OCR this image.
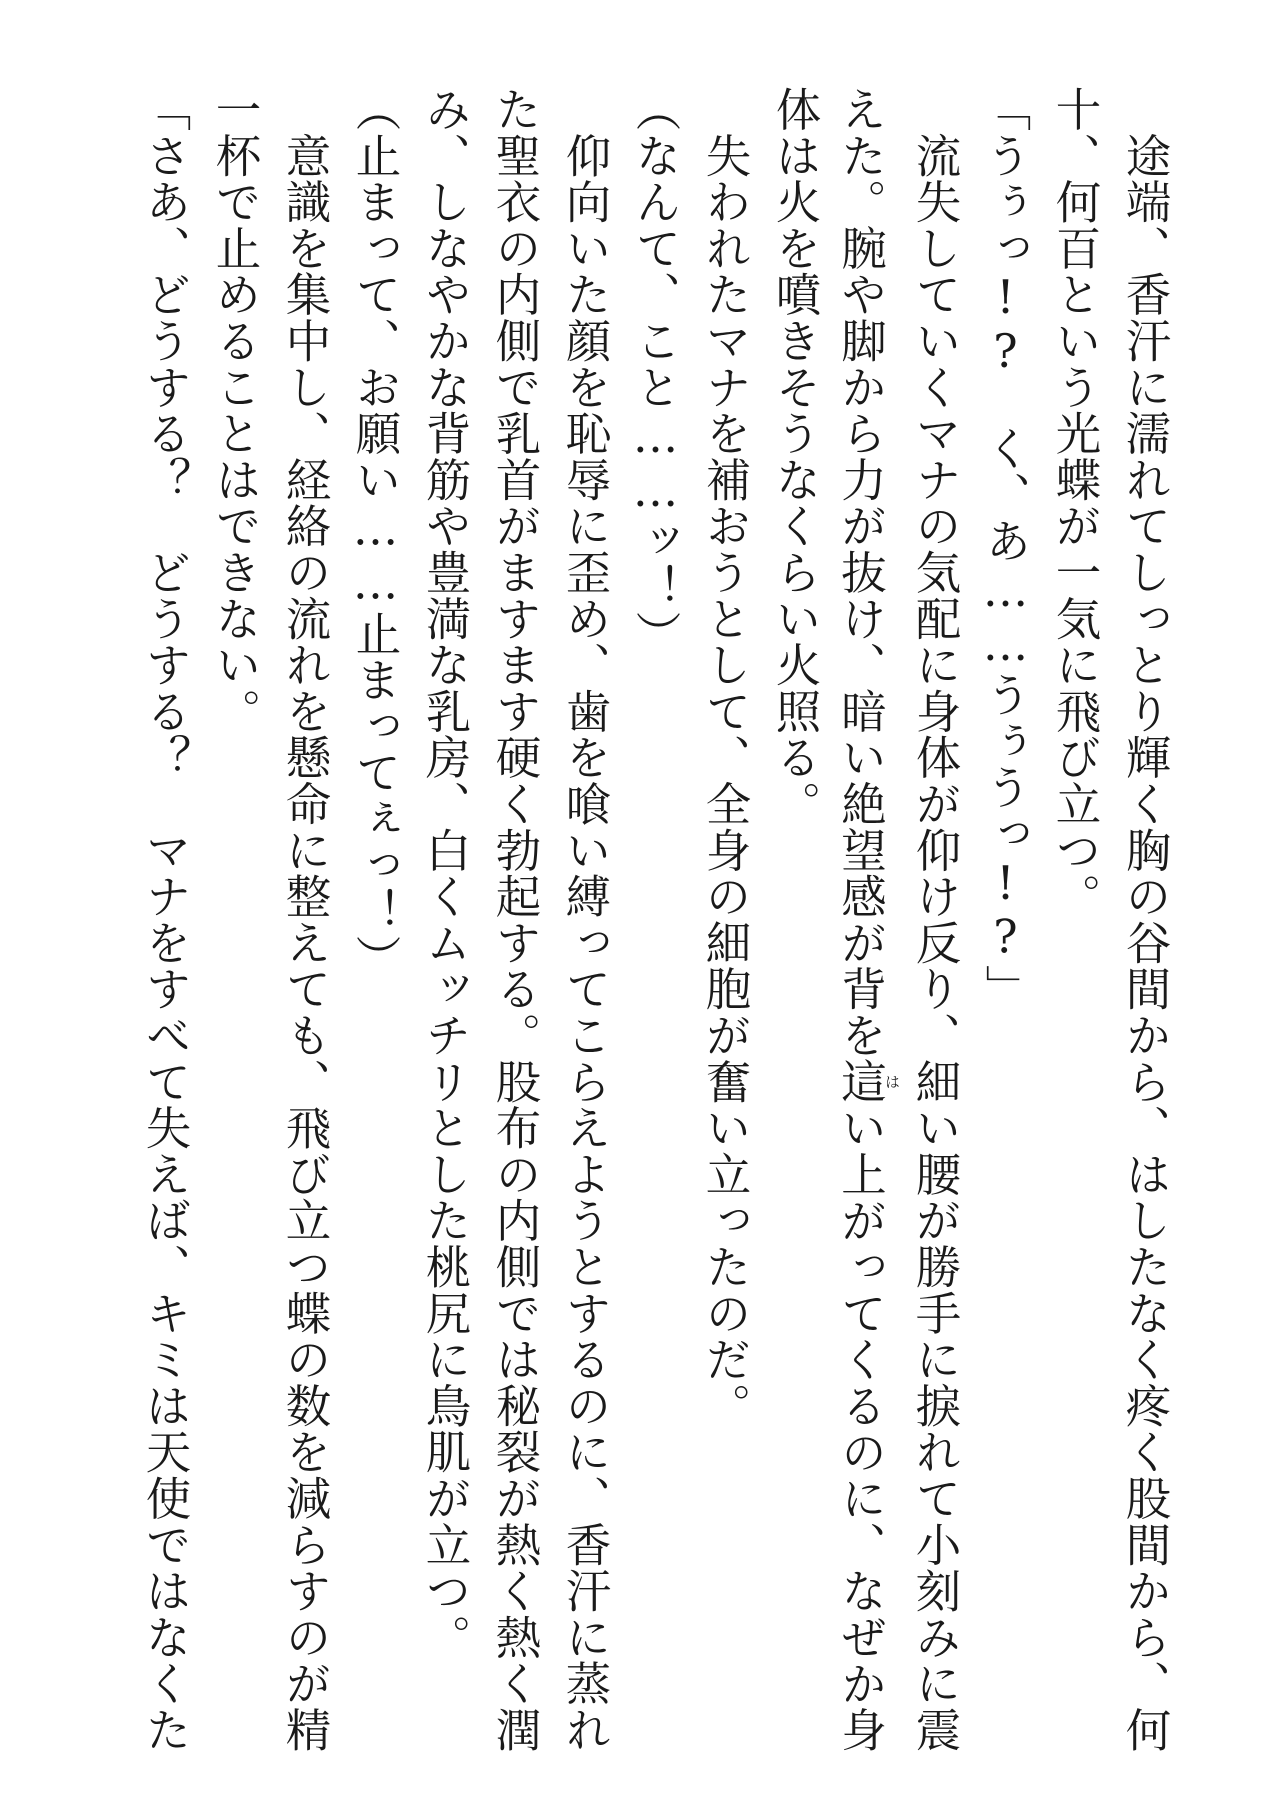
　途端、香汗に濡れてしっとり輝く胸の谷間から、はしたなく疼く股間から、何
十、何百という光蝶が一気に飛び立つ。
「うぅっ!?　く、あ……うぅうっ!?」
　流失していくマナの気配に身体が仰け反り、細い腰が勝手に捩れて小刻みに震
えた。腕や脚から力が抜け、暗い絶望感が背を這はい上がってくるのに、なぜか身
体は火を噴きそうなくらい火照る。
　失われたマナを補おうとして、全身の細胞が奮い立ったのだ。
（なんて、こと……ッ！）
　仰向いた顔を恥辱に歪め、歯を喰い縛ってこらえようとするのに、香汗に蒸れ
た聖衣の内側で乳首がますます硬く勃起する。股布の内側では秘裂が熱く熱く潤
み、しなやかな背筋や豊満な乳房、白くムッチリとした桃尻に鳥肌が立つ。
（止まって、お願い……止まってぇっ！）
　意識を集中し、経絡の流れを懸命に整えても、飛び立つ蝶の数を減らすのが精
一杯で止めることはできない。
「さあ、どうする？　どうする？　マナをすべて失えば、キミは天使ではなくた
